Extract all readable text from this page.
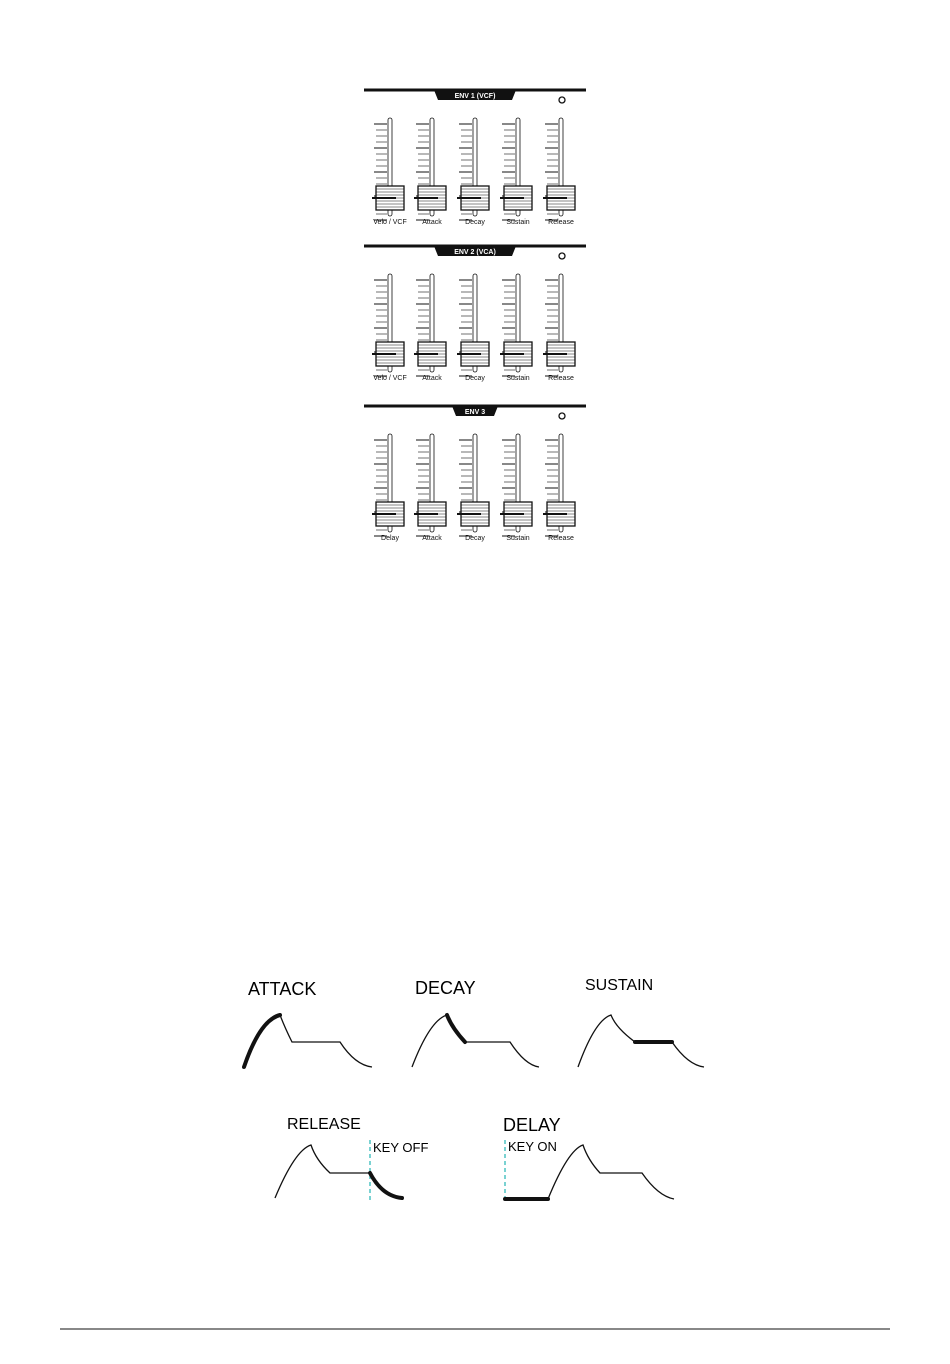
ENV 1 (VCF)
Velo / VCF Attack	Decay	Sustain	Release
ENV 2 (VCA)
Velo / VCF Attack	Decay	Sustain	Release
ENV 3
Delay	Attack	Decay	Sustain	Release
ATTACK	DECAY	SUSTAIN
RELEASE
KEY OFF
DELAY
KEY ON
